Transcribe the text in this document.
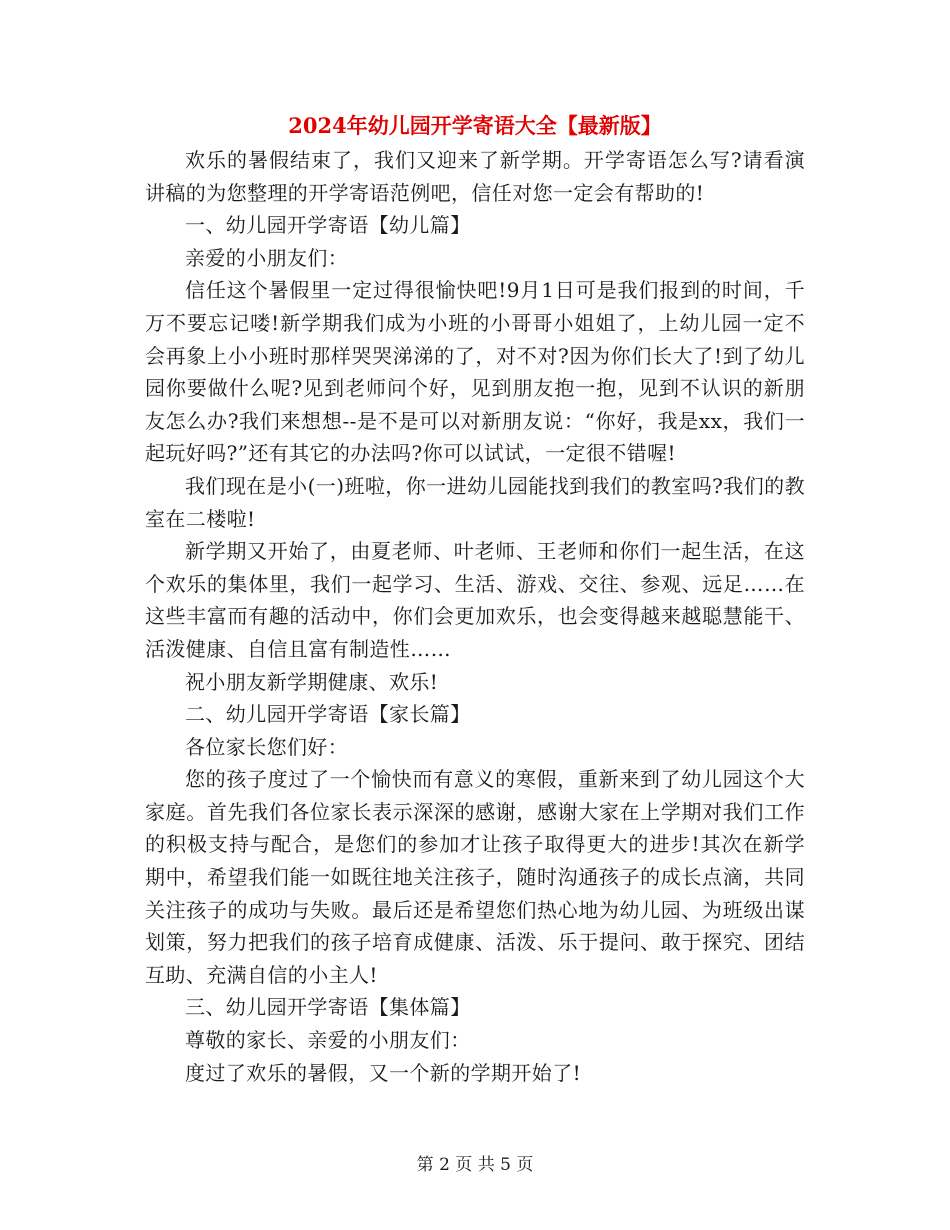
2024年幼儿园开学寄语大全【最新版】

欢乐的暑假结束了，我们又迎来了新学期。开学寄语怎么写?请看演讲稿的为您整理的开学寄语范例吧，信任对您一定会有帮助的!

一、幼儿园开学寄语【幼儿篇】

亲爱的小朋友们：

信任这个暑假里一定过得很愉快吧!9月1日可是我们报到的时间，千万不要忘记喽!新学期我们成为小班的小哥哥小姐姐了，上幼儿园一定不会再象上小小班时那样哭哭涕涕的了，对不对?因为你们长大了!到了幼儿园你要做什么呢?见到老师问个好，见到朋友抱一抱，见到不认识的新朋友怎么办?我们来想想--是不是可以对新朋友说：“你好，我是xx，我们一起玩好吗?”还有其它的办法吗?你可以试试，一定很不错喔!

我们现在是小(一)班啦，你一进幼儿园能找到我们的教室吗?我们的教室在二楼啦!

新学期又开始了，由夏老师、叶老师、王老师和你们一起生活，在这个欢乐的集体里，我们一起学习、生活、游戏、交往、参观、远足……在这些丰富而有趣的活动中，你们会更加欢乐，也会变得越来越聪慧能干、活泼健康、自信且富有制造性……

祝小朋友新学期健康、欢乐!

二、幼儿园开学寄语【家长篇】

各位家长您们好：

您的孩子度过了一个愉快而有意义的寒假，重新来到了幼儿园这个大家庭。首先我们各位家长表示深深的感谢，感谢大家在上学期对我们工作的积极支持与配合，是您们的参加才让孩子取得更大的进步!其次在新学期中，希望我们能一如既往地关注孩子，随时沟通孩子的成长点滴，共同关注孩子的成功与失败。最后还是希望您们热心地为幼儿园、为班级出谋划策，努力把我们的孩子培育成健康、活泼、乐于提问、敢于探究、团结互助、充满自信的小主人!

三、幼儿园开学寄语【集体篇】

尊敬的家长、亲爱的小朋友们：

度过了欢乐的暑假，又一个新的学期开始了!

第 2 页 共 5 页
